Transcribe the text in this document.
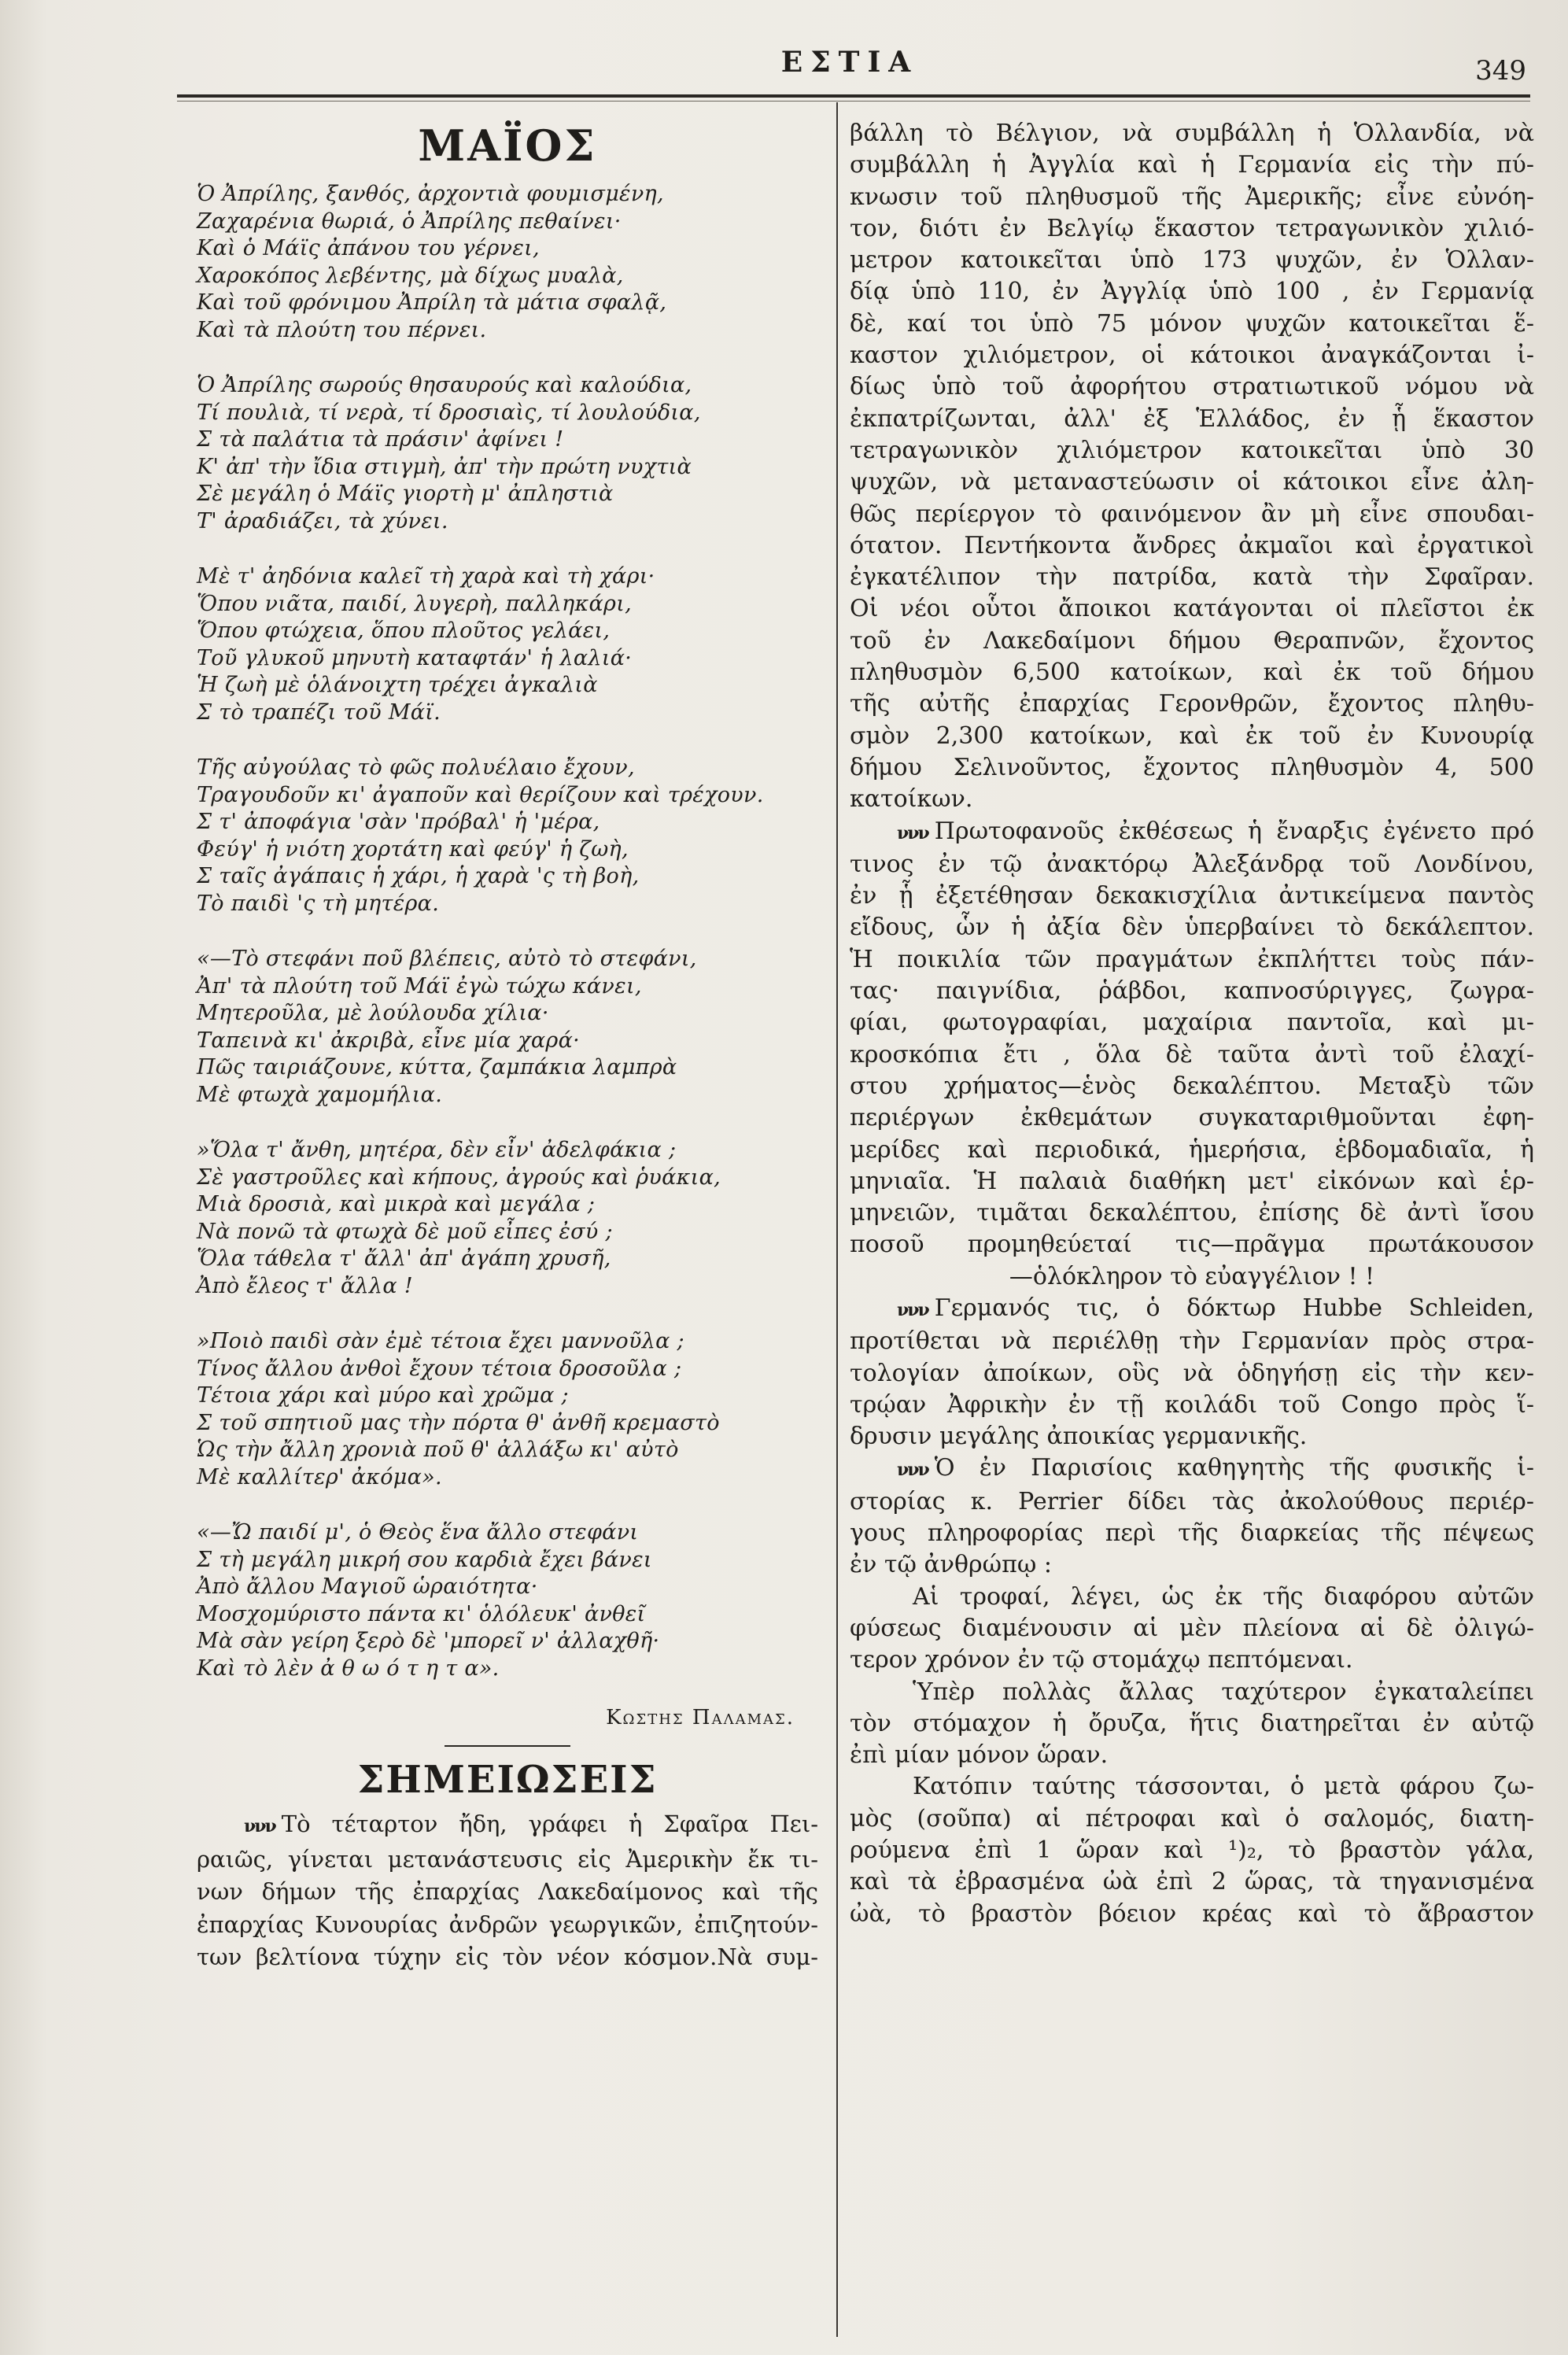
ΕΣΤΙΑ	349
ΜΑΪΟΣ
Ὁ Ἀπρίλης, ξανθός, ἀρχοντιὰ φουμισμένη,
Ζαχαρένια θωριά, ὁ Ἀπρίλης πεθαίνει·
Καὶ ὁ Μάϊς ἀπάνου του γέρνει,
Χαροκόπος λεβέντης, μὰ δίχως μυαλὰ,
Καὶ τοῦ φρόνιμου Ἀπρίλη τὰ μάτια σφαλᾷ,
Καὶ τὰ πλούτη του πέρνει.
Ὁ Ἀπρίλης σωρούς θησαυρούς καὶ καλούδια,
Τί πουλιὰ, τί νερὰ, τί δροσιαὶς, τί λουλούδια,
Σ τὰ παλάτια τὰ πράσιν' ἀφίνει !
Κ' ἀπ' τὴν ἴδια στιγμὴ, ἀπ' τὴν πρώτη νυχτιὰ
Σὲ μεγάλη ὁ Μάϊς γιορτὴ μ' ἀπληστιὰ
Τ' ἀραδιάζει, τὰ χύνει.
Μὲ τ' ἀηδόνια καλεῖ τὴ χαρὰ καὶ τὴ χάρι·
Ὅπου νιᾶτα, παιδί, λυγερὴ, παλληκάρι,
Ὅπου φτώχεια, ὅπου πλοῦτος γελάει,
Τοῦ γλυκοῦ μηνυτὴ καταφτάν' ἡ λαλιά·
Ἡ ζωὴ μὲ ὁλάνοιχτη τρέχει ἀγκαλιὰ
Σ τὸ τραπέζι τοῦ Μάϊ.
Τῆς αὐγούλας τὸ φῶς πολυέλαιο ἔχουν,
Τραγουδοῦν κι' ἀγαποῦν καὶ θερίζουν καὶ τρέχουν.
Σ τ' ἀποφάγια 'σὰν 'πρόβαλ' ἡ 'μέρα,
Φεύγ' ἡ νιότη χορτάτη καὶ φεύγ' ἡ ζωὴ,
Σ ταῖς ἀγάπαις ἡ χάρι, ἡ χαρὰ 'ς τὴ βοὴ,
Τὸ παιδὶ 'ς τὴ μητέρα.
«—Τὸ στεφάνι ποῦ βλέπεις, αὐτὸ τὸ στεφάνι,
Ἀπ' τὰ πλούτη τοῦ Μάϊ ἐγὼ τώχω κάνει,
Μητεροῦλα, μὲ λούλουδα χίλια·
Ταπεινὰ κι' ἀκριβὰ, εἶνε μία χαρά·
Πῶς ταιριάζουνε, κύττα, ζαμπάκια λαμπρὰ
Μὲ φτωχὰ χαμομήλια.
»Ὅλα τ' ἄνθη, μητέρα, δὲν εἶν' ἀδελφάκια ;
Σὲ γαστροῦλες καὶ κήπους, ἀγρούς καὶ ῥυάκια,
Μιὰ δροσιὰ, καὶ μικρὰ καὶ μεγάλα ;
Νὰ πονῶ τὰ φτωχὰ δὲ μοῦ εἶπες ἐσύ ;
Ὅλα τάθελα τ' ἄλλ' ἀπ' ἀγάπη χρυσῆ,
Ἀπὸ ἔλεος τ' ἄλλα !
»Ποιὸ παιδὶ σὰν ἐμὲ τέτοια ἔχει μαννοῦλα ;
Τίνος ἄλλου ἀνθοὶ ἔχουν τέτοια δροσοῦλα ;
Τέτοια χάρι καὶ μύρο καὶ χρῶμα ;
Σ τοῦ σπητιοῦ μας τὴν πόρτα θ' ἀνθῆ κρεμαστὸ
Ὡς τὴν ἄλλη χρονιὰ ποῦ θ' ἀλλάξω κι' αὐτὸ
Μὲ καλλίτερ' ἀκόμα».
«—Ὤ παιδί μ', ὁ Θεὸς ἕνα ἄλλο στεφάνι
Σ τὴ μεγάλη μικρή σου καρδιὰ ἔχει βάνει
Ἀπὸ ἄλλου Μαγιοῦ ὡραιότητα·
Μοσχομύριστο πάντα κι' ὁλόλευκ' ἀνθεῖ
Μὰ σὰν γείρη ξερὸ δὲ 'μπορεῖ ν' ἀλλαχθῆ·
Καὶ τὸ λὲν ἀ θ ω ό τ η τ α».
Κωστης Παλαμας.
ΣΗΜΕΙΩΣΕΙΣ
ννν Τὸ τέταρτον ἤδη, γράφει ἡ Σφαῖρα Πει-
ραιῶς, γίνεται μετανάστευσις εἰς Ἀμερικὴν ἔκ τι-
νων δήμων τῆς ἐπαρχίας Λακεδαίμονος καὶ τῆς
ἐπαρχίας Κυνουρίας ἀνδρῶν γεωργικῶν, ἐπιζητούν-
των βελτίονα τύχην εἰς τὸν νέον κόσμον.Νὰ συμ-
βάλλη τὸ Βέλγιον, νὰ συμβάλλη ἡ Ὁλλανδία, νὰ
συμβάλλη ἡ Ἀγγλία καὶ ἡ Γερμανία εἰς τὴν πύ-
κνωσιν τοῦ πληθυσμοῦ τῆς Ἀμερικῆς; εἶνε εὐνόη-
τον, διότι ἐν Βελγίῳ ἕκαστον τετραγωνικὸν χιλιό-
μετρον κατοικεῖται ὑπὸ 173 ψυχῶν, ἐν Ὁλλαν-
δίᾳ ὑπὸ 110, ἐν Ἀγγλίᾳ ὑπὸ 100 , ἐν Γερμανίᾳ
δὲ, καί τοι ὑπὸ 75 μόνον ψυχῶν κατοικεῖται ἕ-
καστον χιλιόμετρον, οἱ κάτοικοι ἀναγκάζονται ἰ-
δίως ὑπὸ τοῦ ἀφορήτου στρατιωτικοῦ νόμου νὰ
ἐκπατρίζωνται, ἀλλ' ἐξ Ἑλλάδος, ἐν ᾗ ἕκαστον
τετραγωνικὸν χιλιόμετρον κατοικεῖται ὑπὸ 30
ψυχῶν, νὰ μεταναστεύωσιν οἱ κάτοικοι εἶνε ἀλη-
θῶς περίεργον τὸ φαινόμενον ἂν μὴ εἶνε σπουδαι-
ότατον. Πεντήκοντα ἄνδρες ἀκμαῖοι καὶ ἐργατικοὶ
ἐγκατέλιπον τὴν πατρίδα, κατὰ τὴν Σφαῖραν.
Οἱ νέοι οὗτοι ἄποικοι κατάγονται οἱ πλεῖστοι ἐκ
τοῦ ἐν Λακεδαίμονι δήμου Θεραπνῶν, ἔχοντος
πληθυσμὸν 6,500 κατοίκων, καὶ ἐκ τοῦ δήμου
τῆς αὐτῆς ἐπαρχίας Γερονθρῶν, ἔχοντος πληθυ-
σμὸν 2,300 κατοίκων, καὶ ἐκ τοῦ ἐν Κυνουρίᾳ
δήμου Σελινοῦντος, ἔχοντος πληθυσμὸν 4, 500
κατοίκων.
ννν Πρωτοφανοῦς ἐκθέσεως ἡ ἔναρξις ἐγένετο πρό
τινος ἐν τῷ ἀνακτόρῳ Ἀλεξάνδρᾳ τοῦ Λονδίνου,
ἐν ᾗ ἐξετέθησαν δεκακισχίλια ἀντικείμενα παντὸς
εἴδους, ὧν ἡ ἀξία δὲν ὑπερβαίνει τὸ δεκάλεπτον.
Ἡ ποικιλία τῶν πραγμάτων ἐκπλήττει τοὺς πάν-
τας· παιγνίδια, ῥάβδοι, καπνοσύριγγες, ζωγρα-
φίαι, φωτογραφίαι, μαχαίρια παντοῖα, καὶ μι-
κροσκόπια ἔτι , ὅλα δὲ ταῦτα ἀντὶ τοῦ ἐλαχί-
στου χρήματος—ἑνὸς δεκαλέπτου. Μεταξὺ τῶν
περιέργων ἐκθεμάτων συγκαταριθμοῦνται ἐφη-
μερίδες καὶ περιοδικά, ἡμερήσια, ἑβδομαδιαῖα, ἡ
μηνιαῖα. Ἡ παλαιὰ διαθήκη μετ' εἰκόνων καὶ ἑρ-
μηνειῶν, τιμᾶται δεκαλέπτου, ἐπίσης δὲ ἀντὶ ἴσου
ποσοῦ προμηθεύεταί τις—πρᾶγμα πρωτάκουσον
—ὁλόκληρον τὸ εὐαγγέλιον ! !
ννν Γερμανός τις, ὁ δόκτωρ Hubbe Schleiden,
προτίθεται νὰ περιέλθῃ τὴν Γερμανίαν πρὸς στρα-
τολογίαν ἀποίκων, οὓς νὰ ὁδηγήσῃ εἰς τὴν κεν-
τρῴαν Ἀφρικὴν ἐν τῇ κοιλάδι τοῦ Congo πρὸς ἵ-
δρυσιν μεγάλης ἀποικίας γερμανικῆς.
ννν Ὁ ἐν Παρισίοις καθηγητὴς τῆς φυσικῆς ἱ-
στορίας κ. Perrier δίδει τὰς ἀκολούθους περιέρ-
γους πληροφορίας περὶ τῆς διαρκείας τῆς πέψεως
ἐν τῷ ἀνθρώπῳ :
Αἱ τροφαί, λέγει, ὡς ἐκ τῆς διαφόρου αὐτῶν
φύσεως διαμένουσιν αἱ μὲν πλείονα αἱ δὲ ὀλιγώ-
τερον χρόνον ἐν τῷ στομάχῳ πεπτόμεναι.
Ὑπὲρ πολλὰς ἄλλας ταχύτερον ἐγκαταλείπει
τὸν στόμαχον ἡ ὄρυζα, ἥτις διατηρεῖται ἐν αὐτῷ
ἐπὶ μίαν μόνον ὥραν.
Κατόπιν ταύτης τάσσονται, ὁ μετὰ φάρου ζω-
μὸς (σοῦπα) αἱ πέτροφαι καὶ ὁ σαλομός, διατη-
ρούμενα ἐπὶ 1 ὥραν καὶ ¹)₂, τὸ βραστὸν γάλα,
καὶ τὰ ἐβρασμένα ὠὰ ἐπὶ 2 ὥρας, τὰ τηγανισμένα
ὠὰ, τὸ βραστὸν βόειον κρέας καὶ τὸ ἄβραστον
